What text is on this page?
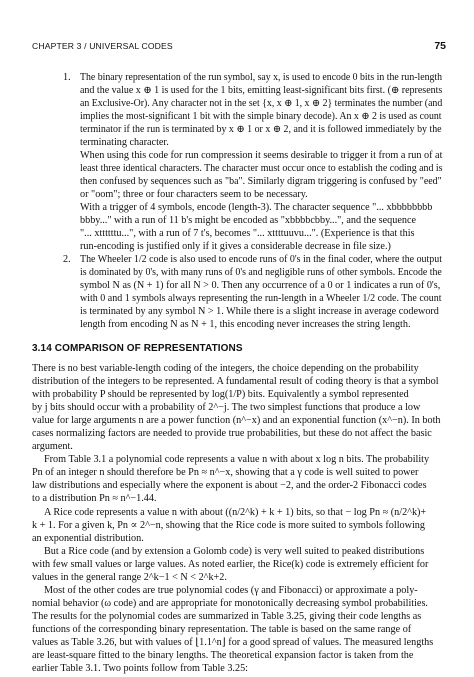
CHAPTER 3 / UNIVERSAL CODES	75
1. The binary representation of the run symbol, say x, is used to encode 0 bits in the run-length
and the value x ⊕ 1 is used for the 1 bits, emitting least-significant bits first. (⊕ represents
an Exclusive-Or). Any character not in the set {x, x ⊕ 1, x ⊕ 2} terminates the number (and
implies the most-significant 1 bit with the simple binary decode). An x ⊕ 2 is used as count
terminator if the run is terminated by x ⊕ 1 or x ⊕ 2, and it is followed immediately by the
terminating character.
When using this code for run compression it seems desirable to trigger it from a run of at
least three identical characters. The character must occur once to establish the coding and is
then confused by sequences such as "ba". Similarly digram triggering is confused by "eed"
or "oom"; three or four characters seem to be necessary.
With a trigger of 4 symbols, encode (length-3). The character sequence "... xbbbbbbbb
bbby..." with a run of 11 b's might be encoded as "xbbbbcbby...", and the sequence
"... xttttttu...", with a run of 7 t's, becomes "... xttttuuvu...". (Experience is that this
run-encoding is justified only if it gives a considerable decrease in file size.)
2. The Wheeler 1/2 code is also used to encode runs of 0's in the final coder, where the output
is dominated by 0's, with many runs of 0's and negligible runs of other symbols. Encode the
symbol N as (N + 1) for all N > 0. Then any occurrence of a 0 or 1 indicates a run of 0's,
with 0 and 1 symbols always representing the run-length in a Wheeler 1/2 code. The count
is terminated by any symbol N > 1. While there is a slight increase in average codeword
length from encoding N as N + 1, this encoding never increases the string length.
3.14 COMPARISON OF REPRESENTATIONS
There is no best variable-length coding of the integers, the choice depending on the probability
distribution of the integers to be represented. A fundamental result of coding theory is that a symbol
with probability P should be represented by log(1/P) bits. Equivalently a symbol represented
by j bits should occur with a probability of 2^−j. The two simplest functions that produce a low
value for large arguments n are a power function (n^−x) and an exponential function (x^−n). In both
cases normalizing factors are needed to provide true probabilities, but these do not affect the basic
argument.
From Table 3.1 a polynomial code represents a value n with about x log n bits. The probability
Pn of an integer n should therefore be Pn ≈ n^−x, showing that a γ code is well suited to power
law distributions and especially where the exponent is about −2, and the order-2 Fibonacci codes
to a distribution Pn ≈ n^−1.44.
A Rice code represents a value n with about ((n/2^k) + k + 1) bits, so that − log Pn ≈ (n/2^k)+
k + 1. For a given k, Pn ∝ 2^−n, showing that the Rice code is more suited to symbols following
an exponential distribution.
But a Rice code (and by extension a Golomb code) is very well suited to peaked distributions
with few small values or large values. As noted earlier, the Rice(k) code is extremely efficient for
values in the general range 2^k−1 < N < 2^k+2.
Most of the other codes are true polynomial codes (γ and Fibonacci) or approximate a poly-
nomial behavior (ω code) and are appropriate for monotonically decreasing symbol probabilities.
The results for the polynomial codes are summarized in Table 3.25, giving their code lengths as
functions of the corresponding binary representation. The table is based on the same range of
values as Table 3.26, but with values of ⌊1.1^n⌋ for a good spread of values. The measured lengths
are least-square fitted to the binary lengths. The theoretical expansion factor is taken from the
earlier Table 3.1. Two points follow from Table 3.25:
